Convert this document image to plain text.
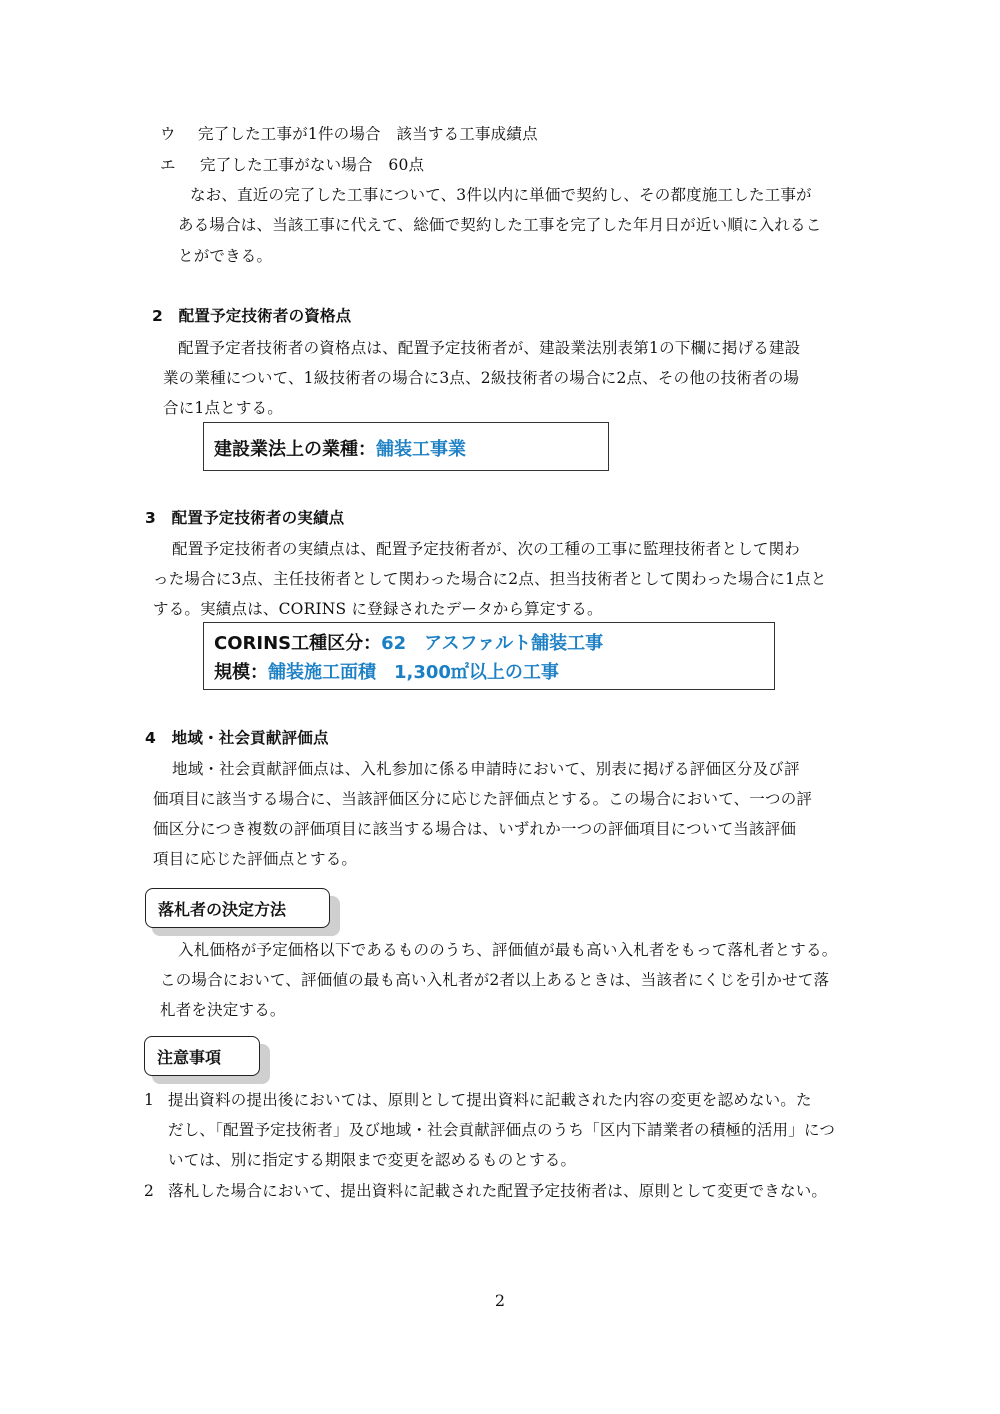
ウ 完了した工事が1件の場合　該当する工事成績点
エ 完了した工事がない場合　60点
なお、直近の完了した工事について、3件以内に単価で契約し、その都度施工した工事が
ある場合は、当該工事に代えて、総価で契約した工事を完了した年月日が近い順に入れるこ
とができる。
2　配置予定技術者の資格点
配置予定者技術者の資格点は、配置予定技術者が、建設業法別表第1の下欄に掲げる建設
業の業種について、1級技術者の場合に3点、2級技術者の場合に2点、その他の技術者の場
合に1点とする。
建設業法上の業種：舗装工事業
3　配置予定技術者の実績点
配置予定技術者の実績点は、配置予定技術者が、次の工種の工事に監理技術者として関わ
った場合に3点、主任技術者として関わった場合に2点、担当技術者として関わった場合に1点と
する。実績点は、CORINS に登録されたデータから算定する。
CORINS工種区分：62　アスファルト舗装工事
規模：舗装施工面積　1,300㎡以上の工事
4　地域・社会貢献評価点
地域・社会貢献評価点は、入札参加に係る申請時において、別表に掲げる評価区分及び評
価項目に該当する場合に、当該評価区分に応じた評価点とする。この場合において、一つの評
価区分につき複数の評価項目に該当する場合は、いずれか一つの評価項目について当該評価
項目に応じた評価点とする。
落札者の決定方法
入札価格が予定価格以下であるもののうち、評価値が最も高い入札者をもって落札者とする。
この場合において、評価値の最も高い入札者が2者以上あるときは、当該者にくじを引かせて落
札者を決定する。
注意事項
1 提出資料の提出後においては、原則として提出資料に記載された内容の変更を認めない。た
だし、「配置予定技術者」及び地域・社会貢献評価点のうち「区内下請業者の積極的活用」につ
いては、別に指定する期限まで変更を認めるものとする。
2 落札した場合において、提出資料に記載された配置予定技術者は、原則として変更できない。
2
